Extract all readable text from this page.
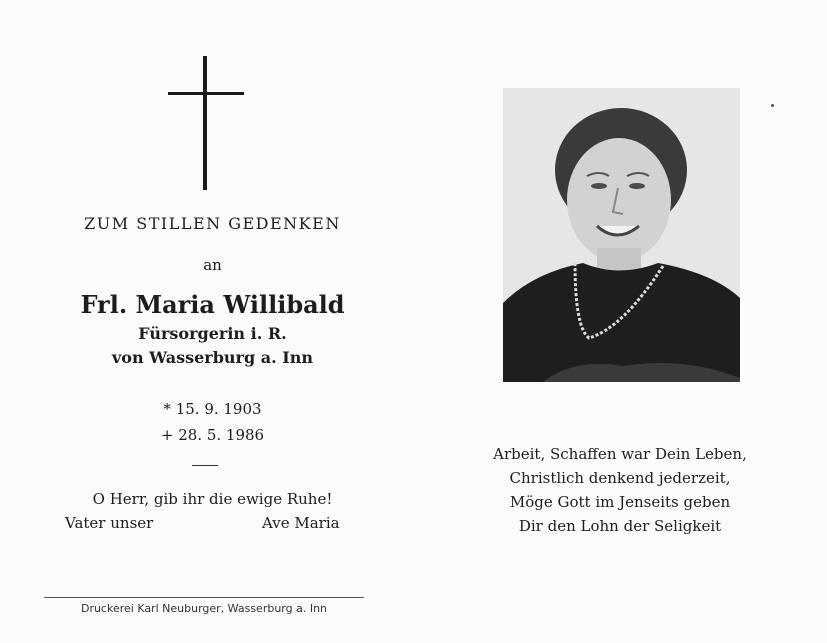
ZUM STILLEN GEDENKEN
an
Frl. Maria Willibald
Fürsorgerin i. R.
von Wasserburg a. Inn
* 15. 9. 1903
+ 28. 5. 1986
O Herr, gib ihr die ewige Ruhe!
Vater unser	Ave Maria
Druckerei Karl Neuburger, Wasserburg a. Inn
Arbeit, Schaffen war Dein Leben,
Christlich denkend jederzeit,
Möge Gott im Jenseits geben
Dir den Lohn der Seligkeit
